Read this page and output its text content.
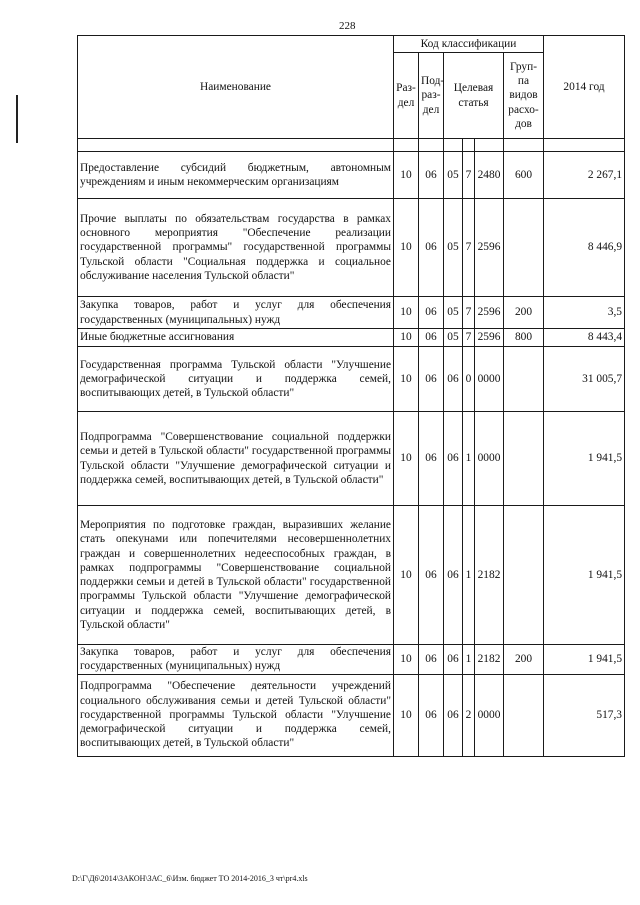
228
Наименование	Код классификации						2014 год
	Раз-дел	Под-раз-дел	Целевая статья			Груп-па видов расхо-дов	

Предоставление субсидий бюджетным, автономным учреждениям и иным некоммерческим организациям	10	06	05	7	2480	600	2 267,1
Прочие выплаты по обязательствам государства в рамках основного мероприятия "Обеспечение реализации государственной программы" государственной программы Тульской области "Социальная поддержка и социальное обслуживание населения Тульской области"	10	06	05	7	2596		8 446,9
Закупка товаров, работ и услуг для обеспечения государственных (муниципальных) нужд	10	06	05	7	2596	200	3,5
Иные бюджетные ассигнования	10	06	05	7	2596	800	8 443,4
Государственная программа Тульской области "Улучшение демографической ситуации и поддержка семей, воспитывающих детей, в Тульской области"	10	06	06	0	0000		31 005,7
Подпрограмма "Совершенствование социальной поддержки семьи и детей в Тульской области" государственной программы Тульской области "Улучшение демографической ситуации и поддержка семей, воспитывающих детей, в Тульской области"	10	06	06	1	0000		1 941,5
Мероприятия по подготовке граждан, выразивших желание стать опекунами или попечителями несовершеннолетних граждан и совершеннолетних недееспособных граждан, в рамках подпрограммы "Совершенствование социальной поддержки семьи и детей в Тульской области" государственной программы Тульской области "Улучшение демографической ситуации и поддержка семей, воспитывающих детей, в Тульской области"	10	06	06	1	2182		1 941,5
Закупка товаров, работ и услуг для обеспечения государственных (муниципальных) нужд	10	06	06	1	2182	200	1 941,5
Подпрограмма "Обеспечение деятельности учреждений социального обслуживания семьи и детей Тульской области" государственной программы Тульской области "Улучшение демографической ситуации и поддержка семей, воспитывающих детей, в Тульской области"	10	06	06	2	0000		517,3
D:\Г\Д6\2014\ЗАКОН\ЗАС_6\Изм. бюджет ТО 2014-2016_3 чт\pr4.xls
